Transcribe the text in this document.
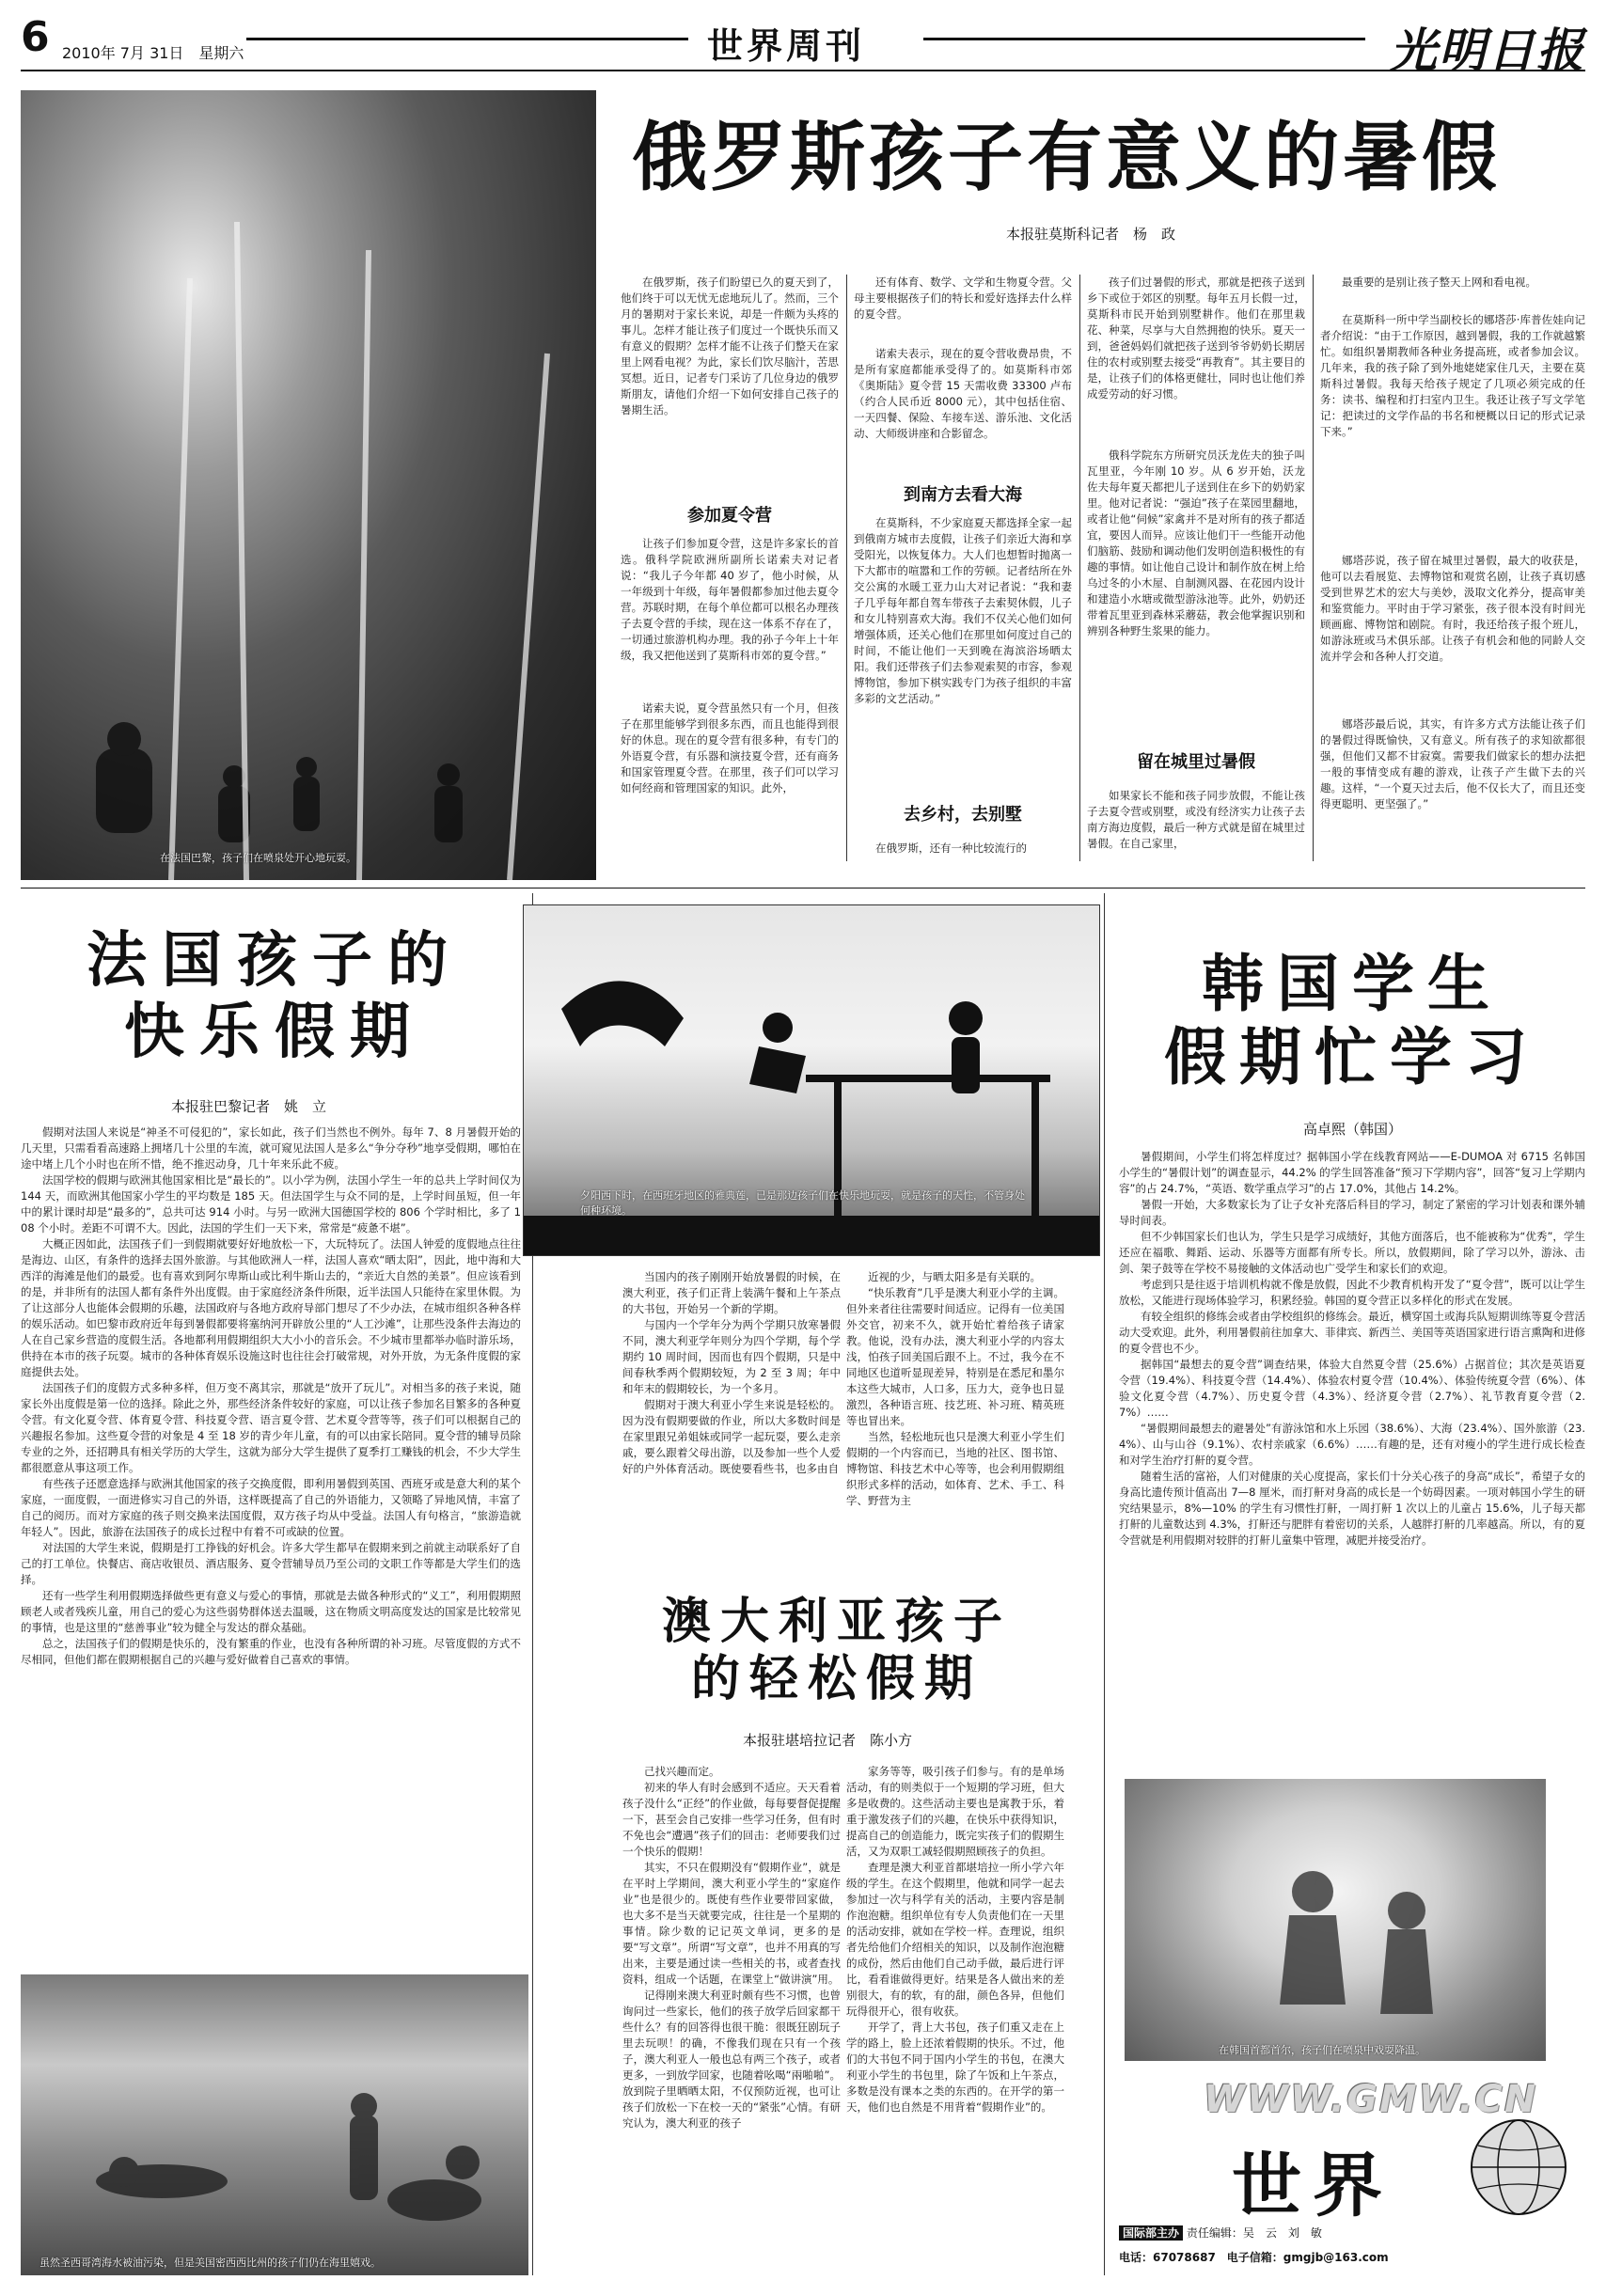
6 2010年 7月 31日　星期六	世界周刊	光明日报
在法国巴黎，孩子们在喷泉处开心地玩耍。
俄罗斯孩子有意义的暑假
本报驻莫斯科记者　杨　政

在俄罗斯，孩子们盼望已久的夏天到了，他们终于可以无忧无虑地玩儿了。然而，三个月的暑期对于家长来说，却是一件颇为头疼的事儿。怎样才能让孩子们度过一个既快乐而又有意义的假期？怎样才能不让孩子们整天在家里上网看电视？为此，家长们饮尽脑汁，苦思冥想。近日，记者专门采访了几位身边的俄罗斯朋友，请他们介绍一下如何安排自己孩子的暑期生活。

参加夏令营

让孩子们参加夏令营，这是许多家长的首选。俄科学院欧洲所副所长诺索夫对记者说：“我儿子今年都 40 岁了，他小时候，从一年级到十年级，每年暑假都参加过他去夏令营。苏联时期，在每个单位都可以根名办理孩子去夏令营的手续，现在这一体系不存在了，一切通过旅游机构办理。我的孙子今年上十年级，我又把他送到了莫斯科市郊的夏令营。”

诺索夫说，夏令营虽然只有一个月，但孩子在那里能够学到很多东西，而且也能得到很好的休息。现在的夏令营有很多种，有专门的外语夏令营，有乐器和演技夏令营，还有商务和国家管理夏令营。在那里，孩子们可以学习如何经商和管理国家的知识。此外，

还有体育、数学、文学和生物夏令营。父母主要根据孩子们的特长和爱好选择去什么样的夏令营。

诺索夫表示，现在的夏令营收费昂贵，不是所有家庭都能承受得了的。如莫斯科市郊《奥斯陆》夏令营 15 天需收费 33300 卢布（约合人民币近 8000 元），其中包括住宿、一天四餐、保险、车接车送、游乐池、文化活动、大师级讲座和合影留念。

到南方去看大海

在莫斯科，不少家庭夏天都选择全家一起到俄南方城市去度假，让孩子们亲近大海和享受阳光，以恢复体力。大人们也想暂时抛离一下大都市的喧嚣和工作的劳顿。记者结所在外交公寓的水暖工亚力山大对记者说：“我和妻子几乎每年都自驾车带孩子去索契休假，儿子和女儿特别喜欢大海。我们不仅关心他们如何增强体质，还关心他们在那里如何度过自己的时间，不能让他们一天到晚在海滨浴场晒太阳。我们还带孩子们去参观索契的市容，参观博物馆，参加下棋实践专门为孩子组织的丰富多彩的文艺活动。”

去乡村，去别墅

在俄罗斯，还有一种比较流行的

孩子们过暑假的形式，那就是把孩子送到乡下或位于郊区的别墅。每年五月长假一过，莫斯科市民开始到别墅耕作。他们在那里栽花、种菜，尽享与大自然拥抱的快乐。夏天一到，爸爸妈妈们就把孩子送到爷爷奶奶长期居住的农村或别墅去接受“再教育”。其主要目的是，让孩子们的体格更健壮，同时也让他们养成爱劳动的好习惯。

俄科学院东方所研究员沃龙佐夫的独子叫瓦里亚，今年刚 10 岁。从 6 岁开始，沃龙佐夫每年夏天都把儿子送到住在乡下的奶奶家里。他对记者说：“强迫”孩子在菜园里翻地，或者让他“伺候”家禽并不是对所有的孩子都适宜，要因人而异。应该让他们干一些能开动他们脑筋、鼓励和调动他们发明创造积极性的有趣的事情。如让他自己设计和制作放在树上给乌过冬的小木屋、自制测风器、在花园内设计和建造小水塘或微型游泳池等。此外，奶奶还带着瓦里亚到森林采蘑菇，教会他掌握识别和辨别各种野生浆果的能力。

留在城里过暑假

如果家长不能和孩子同步放假，不能让孩子去夏令营或别墅，或没有经济实力让孩子去南方海边度假，最后一种方式就是留在城里过暑假。在自己家里，

最重要的是别让孩子整天上网和看电视。

在莫斯科一所中学当副校长的娜塔莎·库普佐娃向记者介绍说：“由于工作原因，越到暑假，我的工作就越繁忙。如组织暑期教师各种业务提高班，或者参加会议。几年来，我的孩子除了到外地姥姥家住几天，主要在莫斯科过暑假。我每天给孩子规定了几项必须完成的任务：读书、编程和打扫室内卫生。我还让孩子写文学笔记：把读过的文学作品的书名和梗概以日记的形式记录下来。”

娜塔莎说，孩子留在城里过暑假，最大的收获是，他可以去看展览、去博物馆和观赏名剧，让孩子真切感受到世界艺术的宏大与美妙，汲取文化养分，提高审美和鉴赏能力。平时由于学习紧张，孩子很本没有时间光顾画廊、博物馆和剧院。有时，我还给孩子报个班儿，如游泳班或马术俱乐部。让孩子有机会和他的同龄人交流并学会和各种人打交道。

娜塔莎最后说，其实，有许多方式方法能让孩子们的暑假过得既愉快，又有意义。所有孩子的求知欲都很强，但他们又都不甘寂寞。需要我们做家长的想办法把一般的事情变成有趣的游戏，让孩子产生做下去的兴趣。这样，“一个夏天过去后，他不仅长大了，而且还变得更聪明、更坚强了。”

法国孩子的
快乐假期
本报驻巴黎记者　姚　立

假期对法国人来说是“神圣不可侵犯的”，家长如此，孩子们当然也不例外。每年 7、8 月暑假开始的几天里，只需看看高速路上拥堵几十公里的车流，就可窥见法国人是多么“争分夺秒”地享受假期，哪怕在途中堵上几个小时也在所不惜，绝不推迟动身，几十年来乐此不疲。

法国学校的假期与欧洲其他国家相比是“最长的”。以小学为例，法国小学生一年的总共上学时间仅为 144 天，而欧洲其他国家小学生的平均数是 185 天。但法国学生与众不同的是，上学时间虽短，但一年中的累计课时却是“最多的”，总共可达 914 小时。与另一欧洲大国德国学校的 806 个学时相比，多了 108 个小时。差距不可谓不大。因此，法国的学生们一天下来，常常是“疲惫不堪”。

大概正因如此，法国孩子们一到假期就要好好地放松一下，大玩特玩了。法国人钟爱的度假地点往往是海边、山区，有条件的选择去国外旅游。与其他欧洲人一样，法国人喜欢“晒太阳”，因此，地中海和大西洋的海滩是他们的最爱。也有喜欢到阿尔卑斯山或比利牛斯山去的，“亲近大自然的美景”。但应该看到的是，并非所有的法国人都有条件外出度假。由于家庭经济条件所限，近半法国人只能待在家里休假。为了让这部分人也能体会假期的乐趣，法国政府与各地方政府导部门想尽了不少办法，在城市组织各种各样的娱乐活动。如巴黎市政府近年每到暑假都要将塞纳河开辟放公里的“人工沙滩”，让那些没条件去海边的人在自己家乡营造的度假生活。各地都利用假期组织大大小小的音乐会。不少城市里都举办临时游乐场，供持在本市的孩子玩耍。城市的各种体育娱乐设施这时也往往会打破常规，对外开放，为无条件度假的家庭提供去处。

法国孩子们的度假方式多种多样，但万变不离其宗，那就是“放开了玩儿”。对相当多的孩子来说，随家长外出度假是第一位的选择。除此之外，那些经济条件较好的家庭，可以让孩子参加名目繁多的各种夏令营。有文化夏令营、体育夏令营、科技夏令营、语言夏令营、艺术夏令营等等，孩子们可以根据自己的兴趣报名参加。这些夏令营的对象是 4 至 18 岁的青少年儿童，有的可以由家长陪同。夏令营的辅导员除专业的之外，还招聘具有相关学历的大学生，这就为部分大学生提供了夏季打工赚钱的机会，不少大学生都很愿意从事这项工作。

有些孩子还愿意选择与欧洲其他国家的孩子交换度假，即利用暑假到英国、西班牙或是意大利的某个家庭，一面度假，一面进修实习自己的外语，这样既提高了自己的外语能力，又领略了异地风情，丰富了自己的阅历。而对方家庭的孩子则交换来法国度假，双方孩子均从中受益。法国人有句格言，“旅游造就年轻人”。因此，旅游在法国孩子的成长过程中有着不可或缺的位置。

对法国的大学生来说，假期是打工挣钱的好机会。许多大学生都早在假期来到之前就主动联系好了自己的打工单位。快餐店、商店收银员、酒店服务、夏令营辅导员乃至公司的文职工作等都是大学生们的选择。

还有一些学生利用假期选择做些更有意义与爱心的事情，那就是去做各种形式的“义工”，利用假期照顾老人或者残疾儿童，用自己的爱心为这些弱势群体送去温暖，这在物质文明高度发达的国家是比较常见的事情，也是这里的“慈善事业”较为健全与发达的群众基础。

总之，法国孩子们的假期是快乐的，没有繁重的作业，也没有各种所谓的补习班。尽管度假的方式不尽相同，但他们都在假期根据自己的兴趣与爱好做着自己喜欢的事情。

虽然圣西哥湾海水被油污染，但是美国密西西比州的孩子们仍在海里嬉戏。
夕阳西下时，在西班牙地区的雅典莲，已是那边孩子们在快乐地玩耍，就是孩子的天性，不管身处何种环境。

当国内的孩子刚刚开始放暑假的时候，在澳大利亚，孩子们正背上装满午餐和上午茶点的大书包，开始另一个新的学期。

与国内一个学年分为两个学期只放寒暑假不同，澳大利亚学年则分为四个学期，每个学期约 10 周时间，因而也有四个假期，只是中间春秋季两个假期较短，为 2 至 3 周；年中和年末的假期较长，为一个多月。

假期对于澳大利亚小学生来说是轻松的。因为没有假期要做的作业，所以大多数时间是在家里跟兄弟姐妹或同学一起玩耍，要么走亲戚，要么跟着父母出游，以及参加一些个人爱好的户外体育活动。既使要看些书，也多由自

近视的少，与晒太阳多是有关联的。

“快乐教育”几乎是澳大利亚小学的主调。但外来者往往需要时间适应。记得有一位美国外交官，初来不久，就开始忙着给孩子请家教。他说，没有办法，澳大利亚小学的内容太浅，怕孩子回美国后跟不上。不过，我今在不同地区也道听显现差异，特别是在悉尼和墨尔本这些大城市，人口多，压力大，竞争也日显激烈，各种语言班、技艺班、补习班、精英班等也冒出来。

当然，轻松地玩也只是澳大利亚小学生们假期的一个内容而已，当地的社区、图书馆、博物馆、科技艺术中心等等，也会利用假期组织形式多样的活动，如体育、艺术、手工、科学、野营为主

澳大利亚孩子
的轻松假期
本报驻堪培拉记者　陈小方

己找兴趣而定。

初来的华人有时会感到不适应。天天看着孩子没什么“正经”的作业做，每每要督促提醒一下，甚至会自己安排一些学习任务，但有时不免也会“遭遇”孩子们的回击：老师要我们过一个快乐的假期！

其实，不只在假期没有“假期作业”，就是在平时上学期间，澳大利亚小学生的“家庭作业”也是很少的。既使有些作业要带回家做，也大多不是当天就要完成，往往是一个星期的事情。除少数的记记英文单词，更多的是要“写文章”。所谓“写文章”，也并不用真的写出来，主要是通过读一些相关的书，或者查找资料，组成一个话题，在课堂上“做讲演”用。

记得刚来澳大利亚时颇有些不习惯，也曾询问过一些家长，他们的孩子放学后回家都干些什么？有的回答得也很干脆：很既狂剧玩子里去玩呗！的确，不像我们现在只有一个孩子，澳大利亚人一般也总有两三个孩子，或者更多，一到放学回家，也随着吆喝“兩啪啪”。放到院子里晒晒太阳，不仅预防近视，也可让孩子们放松一下在校一天的“紧张”心情。有研究认为，澳大利亚的孩子

家务等等，吸引孩子们参与。有的是单场活动，有的则类似于一个短期的学习班，但大多是收费的。这些活动主要也是寓教于乐，着重于激发孩子们的兴趣，在快乐中获得知识，提高自己的创造能力，既完实孩子们的假期生活，又为双职工减轻假期照顾孩子的负担。

查理是澳大利亚首都堪培拉一所小学六年级的学生。在这个假期里，他就和同学一起去参加过一次与科学有关的活动，主要内容是制作泡泡糖。组织单位有专人负责他们在一天里的活动安排，就如在学校一样。查理说，组织者先给他们介绍相关的知识，以及制作泡泡糖的成份，然后由他们自己动手做，最后进行评比，看看谁做得更好。结果是各人做出来的差别很大，有的软，有的甜，颜色各异，但他们玩得很开心，很有收获。

开学了，背上大书包，孩子们重又走在上学的路上，脸上还浓着假期的快乐。不过，他们的大书包不同于国内小学生的书包，在澳大利亚小学生的书包里，除了午饭和上午茶点，多数是没有课本之类的东西的。在开学的第一天，他们也自然是不用背着“假期作业”的。

韩国学生
假期忙学习
高卓熙（韩国）

暑假期间，小学生们将怎样度过？据韩国小学在线教育网站——E-DUMOA 对 6715 名韩国小学生的“暑假计划”的调查显示，44.2% 的学生回答准备“预习下学期内容”，回答“复习上学期内容”的占 24.7%，“英语、数学重点学习”的占 17.0%，其他占 14.2%。

暑假一开始，大多数家长为了让子女补充落后科目的学习，制定了紧密的学习计划表和课外辅导时间表。

但不少韩国家长们也认为，学生只是学习成绩好，其他方面落后，也不能被称为“优秀”，学生还应在福歌、舞蹈、运动、乐器等方面都有所专长。所以，放假期间，除了学习以外，游泳、击剑、架子鼓等在学校不易接触的文体活动也广受学生和家长们的欢迎。

考虑到只是往返于培训机构就不像是放假，因此不少教育机构开发了“夏令营”，既可以让学生放松，又能进行现场体验学习，积累经验。韩国的夏令营正以多样化的形式在发展。

有较全组织的修练会或者由学校组织的修练会。最近，横穿国土或海兵队短期训练等夏令营活动大受欢迎。此外，利用暑假前往加拿大、菲律宾、新西兰、美国等英语国家进行语言熏陶和进修的夏令营也不少。

据韩国“最想去的夏令营”调查结果，体验大自然夏令营（25.6%）占据首位；其次是英语夏令营（19.4%）、科技夏令营（14.4%）、体验农村夏令营（10.4%）、体验传统夏令营（6%）、体验文化夏令营（4.7%）、历史夏令营（4.3%）、经济夏令营（2.7%）、礼节教育夏令营（2.7%）……

“暑假期间最想去的避暑处”有游泳馆和水上乐园（38.6%）、大海（23.4%）、国外旅游（23.4%）、山与山谷（9.1%）、农村亲戚家（6.6%）……有趣的是，还有对瘦小的学生进行成长检查和对学生治疗打鼾的夏令营。

随着生活的富裕，人们对健康的关心度提高，家长们十分关心孩子的身高“成长”，希望子女的身高比遗传预计值高出 7—8 厘米，而打鼾对身高的成长是一个妨碍因素。一项对韩国小学生的研究结果显示，8%—10% 的学生有习惯性打鼾，一周打鼾 1 次以上的儿童占 15.6%，儿子每天都打鼾的儿童数达到 4.3%，打鼾还与肥胖有着密切的关系，人越胖打鼾的几率越高。所以，有的夏令营就是利用假期对较胖的打鼾儿童集中管理，减肥并接受治疗。

在韩国首都首尔，孩子们在喷泉中戏耍降温。
WWW.GMW.CN
世界
国际部主办 责任编辑：吴　云　刘　敏
电话：67078687　电子信箱：gmgjb@163.com
